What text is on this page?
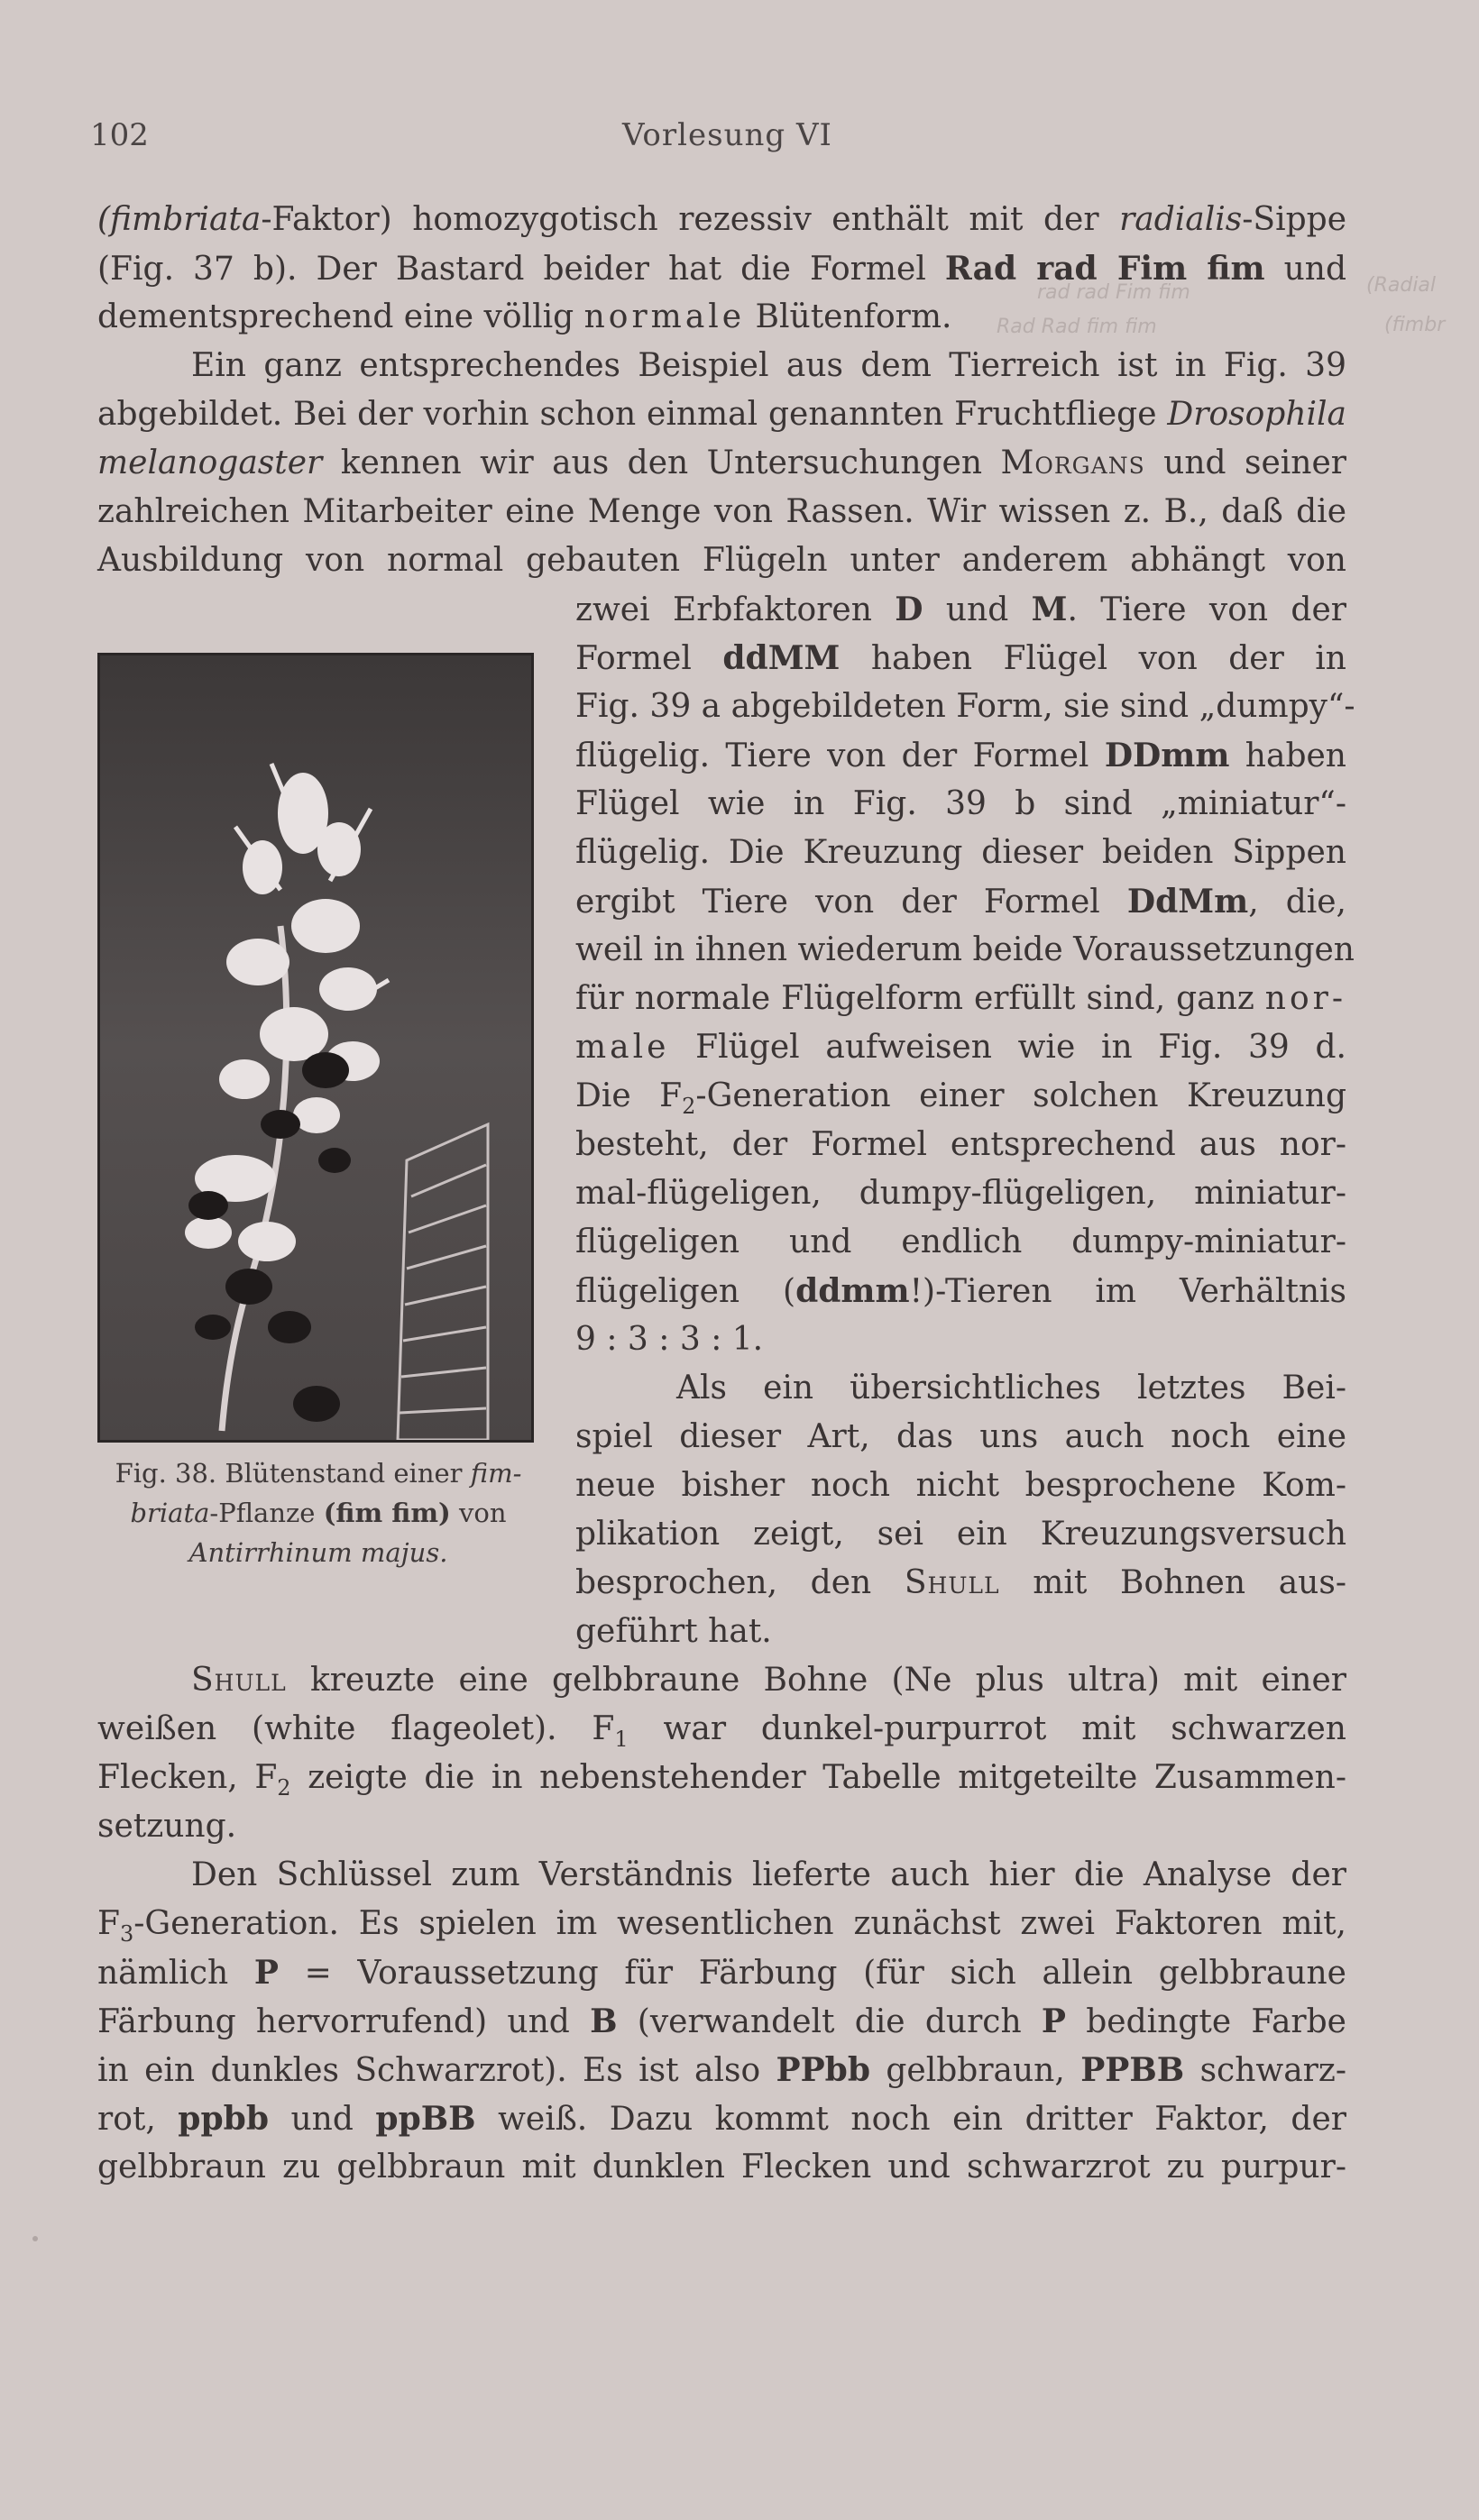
102	Vorlesung VI
(fimbriata-Faktor) homozygotisch rezessiv enthält mit der radialis-Sippe
(Fig. 37 b). Der Bastard beider hat die Formel Rad rad Fim fim und
dementsprechend eine völlig normale Blütenform.
rad rad Fim fim
Rad Rad fim fim
(Radial
(fimbr
Ein ganz entsprechendes Beispiel aus dem Tierreich ist in Fig. 39
abgebildet. Bei der vorhin schon einmal genannten Fruchtfliege Drosophila
melanogaster kennen wir aus den Untersuchungen Morgans und seiner
zahlreichen Mitarbeiter eine Menge von Rassen. Wir wissen z. B., daß die
Ausbildung von normal gebauten Flügeln unter anderem abhängt von
Fig. 38. Blütenstand einer fim-
briata-Pflanze (fim fim) von
Antirrhinum majus.
zwei Erbfaktoren D und M. Tiere von der
Formel ddMM haben Flügel von der in
Fig. 39 a abgebildeten Form, sie sind „dumpy“-
flügelig. Tiere von der Formel DDmm haben
Flügel wie in Fig. 39 b sind „miniatur“-
flügelig. Die Kreuzung dieser beiden Sippen
ergibt Tiere von der Formel DdMm, die,
weil in ihnen wiederum beide Voraussetzungen
für normale Flügelform erfüllt sind, ganz nor-
male Flügel aufweisen wie in Fig. 39 d.
Die $F_2$-Generation einer solchen Kreuzung
besteht, der Formel entsprechend aus nor-
mal-flügeligen, dumpy-flügeligen, miniatur-
flügeligen und endlich dumpy-miniatur-
flügeligen (ddmm!)-Tieren im Verhältnis
9 : 3 : 3 : 1.
Als ein übersichtliches letztes Bei-
spiel dieser Art, das uns auch noch eine
neue bisher noch nicht besprochene Kom-
plikation zeigt, sei ein Kreuzungsversuch
besprochen, den Shull mit Bohnen aus-
geführt hat.
Shull kreuzte eine gelbbraune Bohne (Ne plus ultra) mit einer
weißen (white flageolet). $F_1$ war dunkel-purpurrot mit schwarzen
Flecken, $F_2$ zeigte die in nebenstehender Tabelle mitgeteilte Zusammen-
setzung.
Den Schlüssel zum Verständnis lieferte auch hier die Analyse der
$F_3$-Generation. Es spielen im wesentlichen zunächst zwei Faktoren mit,
nämlich P = Voraussetzung für Färbung (für sich allein gelbbraune
Färbung hervorrufend) und B (verwandelt die durch P bedingte Farbe
in ein dunkles Schwarzrot). Es ist also PPbb gelbbraun, PPBB schwarz-
rot, ppbb und ppBB weiß. Dazu kommt noch ein dritter Faktor, der
gelbbraun zu gelbbraun mit dunklen Flecken und schwarzrot zu purpur-
